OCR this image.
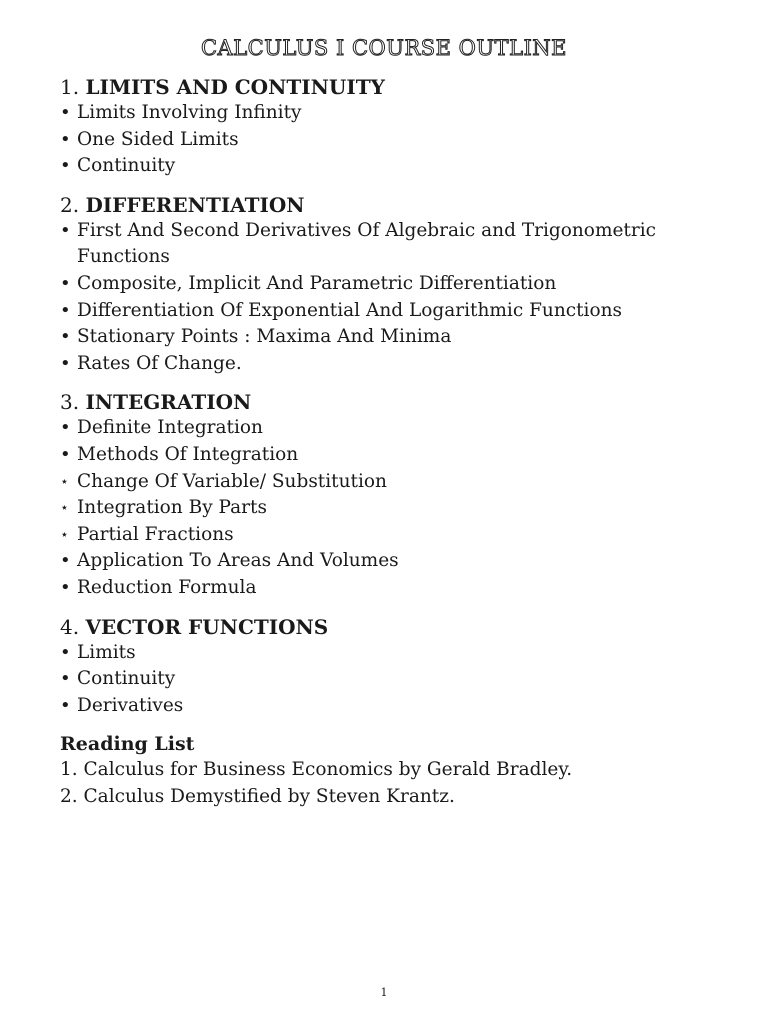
CALCULUS I COURSE OUTLINE
1. LIMITS AND CONTINUITY
• Limits Involving Infinity
• One Sided Limits
• Continuity
2. DIFFERENTIATION
• First And Second Derivatives Of Algebraic and Trigonometric Functions
• Composite, Implicit And Parametric Differentiation
• Differentiation Of Exponential And Logarithmic Functions
• Stationary Points : Maxima And Minima
• Rates Of Change.
3. INTEGRATION
• Definite Integration
• Methods Of Integration
⋆ Change Of Variable/ Substitution
⋆ Integration By Parts
⋆ Partial Fractions
• Application To Areas And Volumes
• Reduction Formula
4. VECTOR FUNCTIONS
• Limits
• Continuity
• Derivatives
Reading List
1. Calculus for Business Economics by Gerald Bradley.
2. Calculus Demystified by Steven Krantz.
1
